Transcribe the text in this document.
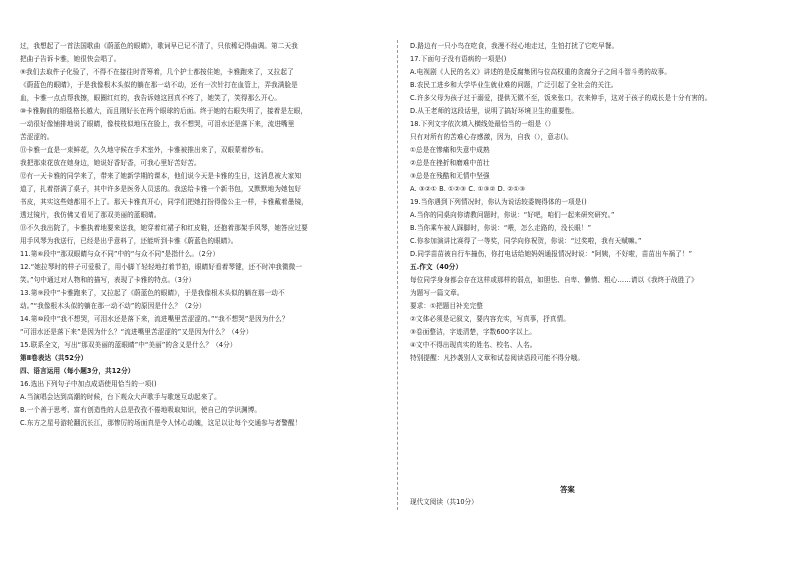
过，我想起了一首法国歌曲《蔚蓝色的眼睛》，歌词早已记不清了，只依稀记得曲调。第二天我
把曲子告诉卡雅，她很快会唱了。
⑨我们去取件子化验了，不得不在接往时青筹着，几个护士都按住她，卡雅跑来了，又拉起了
《蔚蓝色的眼睛》，于是我像根木头似的躺在那一动不动，还有一次针打在血管上，弄我满脸是
血，卡雅一点点帮我擦，眼圈红红的，我告诉她这回真不疼了，她笑了，笑得那么开心。
⑩卡雅胸前的细毯格长越大，而且刚好长在两个眼球的后面。终于她的右眼失明了，接着是左眼，
一动很好像铺排地说了眼睛，像枝枝似地压在脸上，我不想哭，可泪水还是落下来，流进嘴里
苦涩涩的。
⑪卡雅一直是一束鲜花，久久地守候在手术室外，卡雅被推出来了，双眼蒙着纱布。
我把那束花放在她身边，她说好香好香，可我心里好苦好苦。
⑫有一天卡雅的同学来了，带来了她新学期的课本，他们说今天是卡雅的生日，这消息被大家知
道了，扎着搭满了桌子，其中许多是医务人员送的。我送给卡雅一个新书包，又默默地为她包好
书皮，其实这些她都用不上了。那天卡雅真开心，同学们把她打扮得像公主一样，卡雅戴着墨镜，
透过镜片，我仿佛又看见了那双美丽的蓝眼睛。
⑬不久我出院了，卡雅执着地要来送我，她穿着红裙子和红皮鞋，还抱着那架手风琴，她答应过要
用手风琴为我送行，已经是出乎意料了，还能听到卡雅《蔚蓝色的眼睛》。
11.第⑥段中“那双眼睛与众不同”中的“与众不同”是指什么。（2分）
12.“她拉琴时的样子可爱极了，用小脚丫轻轻地打着节拍，眼睛好看着琴键，还不时冲我微微一
笑。”句中通过对人物和的描写，表现了卡雅的特点。（3分）
13.第⑨段中“卡雅跑来了，又拉起了《蔚蓝色的眼睛》，于是我像根木头似的躺在那一动不
动。”“我像根木头似的躺在那一动不动”的原因是什么？（2分）
14.第⑩段中“我不想哭，可泪水还是落下来，流进嘴里苦涩涩的。”“我不想哭”是因为什么？
“可泪水还是落下来”是因为什么？“流进嘴里苦涩涩的”又是因为什么？（4分）
15.联系全文，写出“那双美丽的蓝眼睛”中“美丽”的含义是什么？（4分）
第Ⅱ卷表达（共52分）
四、语言运用（每小题3分，共12分）
16.选出下列句子中加点成语使用恰当的一项()
A.当演唱会达到高潮的时候，台下观众大声歌手与歌迷互动起来了。
B.一个善于思考、富有创造性的人总是孜孜不倦地吸取知识，使自己的学识渊博。
C.东方之星号游轮翻沉长江，那惨厉的场面真是令人怵心动魄，这足以让每个交通参与者警醒！
D.路边有一只小鸟在吃食，我漫不经心地走过，生怕打扰了它吃早餐。
17.下面句子没有语病的一项是()
A.电视剧《人民的名义》讲述的是反腐集团与位高权重的贪腐分子之间斗智斗勇的故事。
B.农民工进乡和大学毕业生就业难的问题，广泛引起了全社会的关注。
C.许多父母为孩子过于溺爱，提供无微不至，饭来张口，衣来伸手，这对于孩子的成长是十分有害的。
D.从王老师的这段话里，说明了搞好环境卫生的重要性。
18.下列文字依次填入横线处最恰当的一组是（）
只有对所有的苦难心存感激，因为，自我（），意志()。
①总是在惨痛和失意中成熟
②总是在挫折和磨难中茁壮
③总是在残酷和无情中坚强
A. ③②① B. ①②③ C. ①③② D. ②①③
19.当你遇到下列情况时，你认为说话较委婉得体的一项是()
A.当你的同桌向你请教问题时，你说：“好吧，咱们一起来研究研究。”
B.当你乘车被人踩脚时，你说：“喂，怎么走路的，没长眼！”
C.你参加演讲比赛得了一等奖，同学向你祝贺，你说：“过奖啦，我有天赋嘛。”
D.同学苗苗被自行车撞伤，你打电话给她妈妈通报情况时说：“阿姨，不好啦，苗苗出车祸了！”
五.作文（40分）
每位同学身身都会存在这样或那样的弱点，如胆怯、自卑、懒惰、粗心……请以《我终于战胜了》
为题写一篇文章。
要求：①把题目补充完整
②文体必须是记叙文，要内容充实，写真事，抒真情。
③卷面整洁，字迹清楚，字数600字以上。
④文中不得出现真实的姓名、校名、人名。
特别提醒：凡抄袭别人文章和试卷阅读语段可能不得分哦。
答案
现代文阅读（共10分）
